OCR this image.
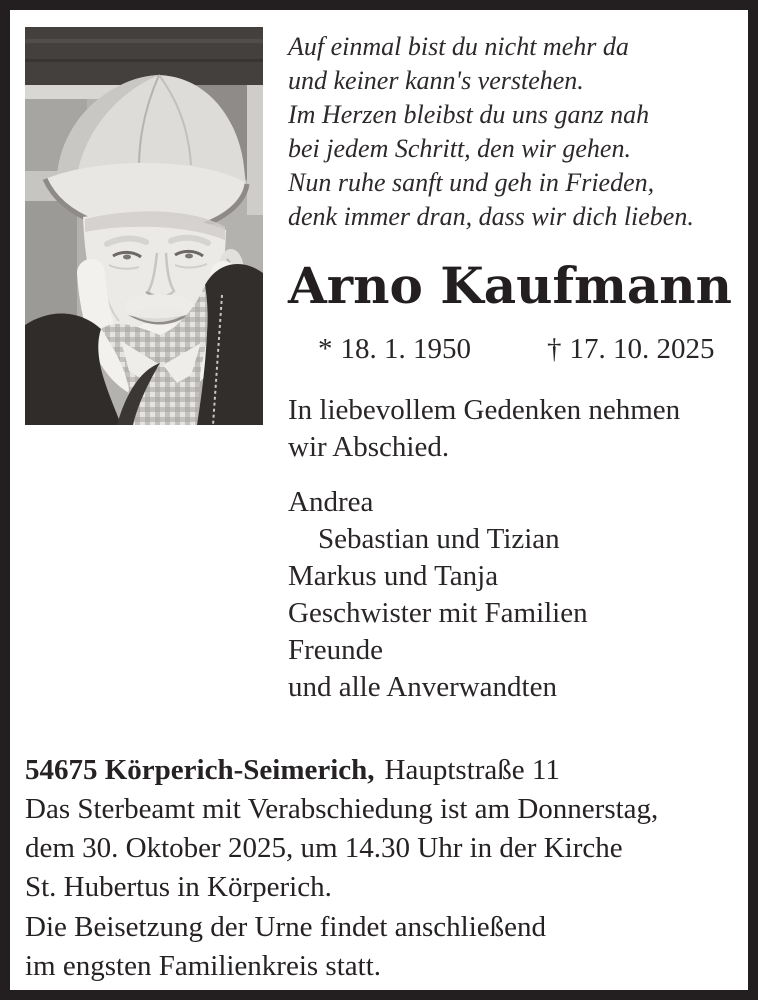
Auf einmal bist du nicht mehr da
und keiner kann's verstehen.
Im Herzen bleibst du uns ganz nah
bei jedem Schritt, den wir gehen.
Nun ruhe sanft und geh in Frieden,
denk immer dran, dass wir dich lieben.
Arno Kaufmann
* 18. 1. 1950	† 17. 10. 2025
In liebevollem Gedenken nehmen
wir Abschied.
Andrea
Sebastian und Tizian
Markus und Tanja
Geschwister mit Familien
Freunde
und alle Anverwandten
54675 Körperich-Seimerich, Hauptstraße 11
Das Sterbeamt mit Verabschiedung ist am Donnerstag,
dem 30. Oktober 2025, um 14.30 Uhr in der Kirche
St. Hubertus in Körperich.
Die Beisetzung der Urne findet anschließend
im engsten Familienkreis statt.
